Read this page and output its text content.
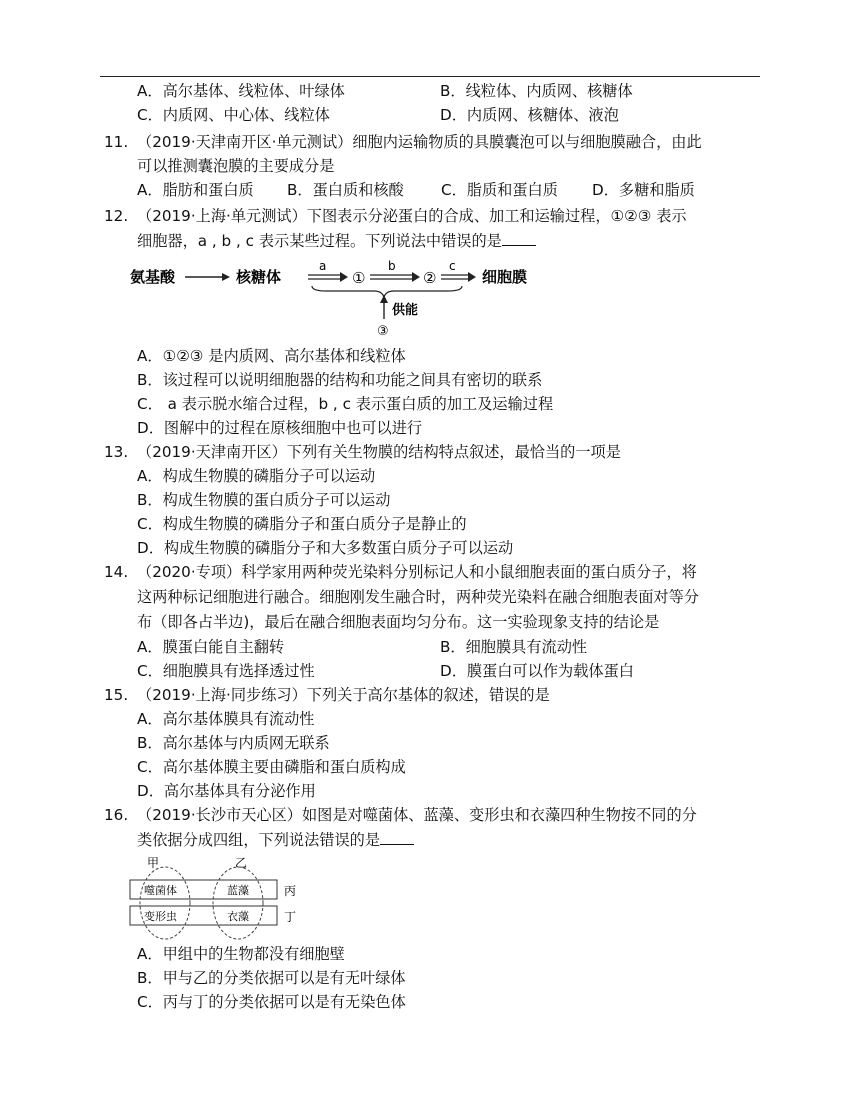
A．高尔基体、线粒体、叶绿体	B．线粒体、内质网、核糖体
C．内质网、中心体、线粒体	D．内质网、核糖体、液泡
11. （2019·天津南开区·单元测试）细胞内运输物质的具膜囊泡可以与细胞膜融合，由此
可以推测囊泡膜的主要成分是
A．脂肪和蛋白质 B．蛋白质和核酸 C．脂质和蛋白质 D．多糖和脂质
12. （2019·上海·单元测试）下图表示分泌蛋白的合成、加工和运输过程，①②③ 表示
细胞器，a , b , c 表示某些过程。下列说法中错误的是
氨基酸	核糖体
a
①
b
②
c
细胞膜
供能
③
A．①②③ 是内质网、高尔基体和线粒体
B．该过程可以说明细胞器的结构和功能之间具有密切的联系
C． a 表示脱水缩合过程，b , c 表示蛋白质的加工及运输过程
D．图解中的过程在原核细胞中也可以进行
13. （2019·天津南开区）下列有关生物膜的结构特点叙述，最恰当的一项是
A．构成生物膜的磷脂分子可以运动
B．构成生物膜的蛋白质分子可以运动
C．构成生物膜的磷脂分子和蛋白质分子是静止的
D．构成生物膜的磷脂分子和大多数蛋白质分子可以运动
14. （2020·专项）科学家用两种荧光染料分别标记人和小鼠细胞表面的蛋白质分子，将
这两种标记细胞进行融合。细胞刚发生融合时，两种荧光染料在融合细胞表面对等分
布（即各占半边)，最后在融合细胞表面均匀分布。这一实验现象支持的结论是
A．膜蛋白能自主翻转	B．细胞膜具有流动性
C．细胞膜具有选择透过性	D．膜蛋白可以作为载体蛋白
15. （2019·上海·同步练习）下列关于高尔基体的叙述，错误的是
A．高尔基体膜具有流动性
B．高尔基体与内质网无联系
C．高尔基体膜主要由磷脂和蛋白质构成
D．高尔基体具有分泌作用
16. （2019·长沙市天心区）如图是对噬菌体、蓝藻、变形虫和衣藻四种生物按不同的分
类依据分成四组，下列说法错误的是
甲	乙
噬菌体	蓝藻
变形虫	衣藻
丙
丁
A．甲组中的生物都没有细胞壁
B．甲与乙的分类依据可以是有无叶绿体
C．丙与丁的分类依据可以是有无染色体
